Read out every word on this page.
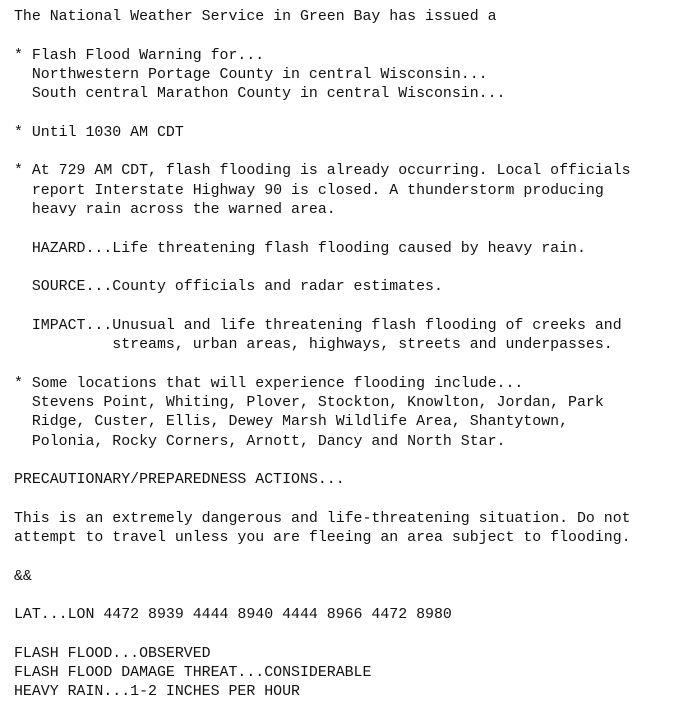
The National Weather Service in Green Bay has issued a
* Flash Flood Warning for...
Northwestern Portage County in central Wisconsin...
South central Marathon County in central Wisconsin...
* Until 1030 AM CDT
* At 729 AM CDT, flash flooding is already occurring. Local officials
report Interstate Highway 90 is closed. A thunderstorm producing
heavy rain across the warned area.
HAZARD...Life threatening flash flooding caused by heavy rain.
SOURCE...County officials and radar estimates.
IMPACT...Unusual and life threatening flash flooding of creeks and
streams, urban areas, highways, streets and underpasses.
* Some locations that will experience flooding include...
Stevens Point, Whiting, Plover, Stockton, Knowlton, Jordan, Park
Ridge, Custer, Ellis, Dewey Marsh Wildlife Area, Shantytown,
Polonia, Rocky Corners, Arnott, Dancy and North Star.
PRECAUTIONARY/PREPAREDNESS ACTIONS...
This is an extremely dangerous and life-threatening situation. Do not
attempt to travel unless you are fleeing an area subject to flooding.
&&
LAT...LON 4472 8939 4444 8940 4444 8966 4472 8980
FLASH FLOOD...OBSERVED
FLASH FLOOD DAMAGE THREAT...CONSIDERABLE
HEAVY RAIN...1-2 INCHES PER HOUR
